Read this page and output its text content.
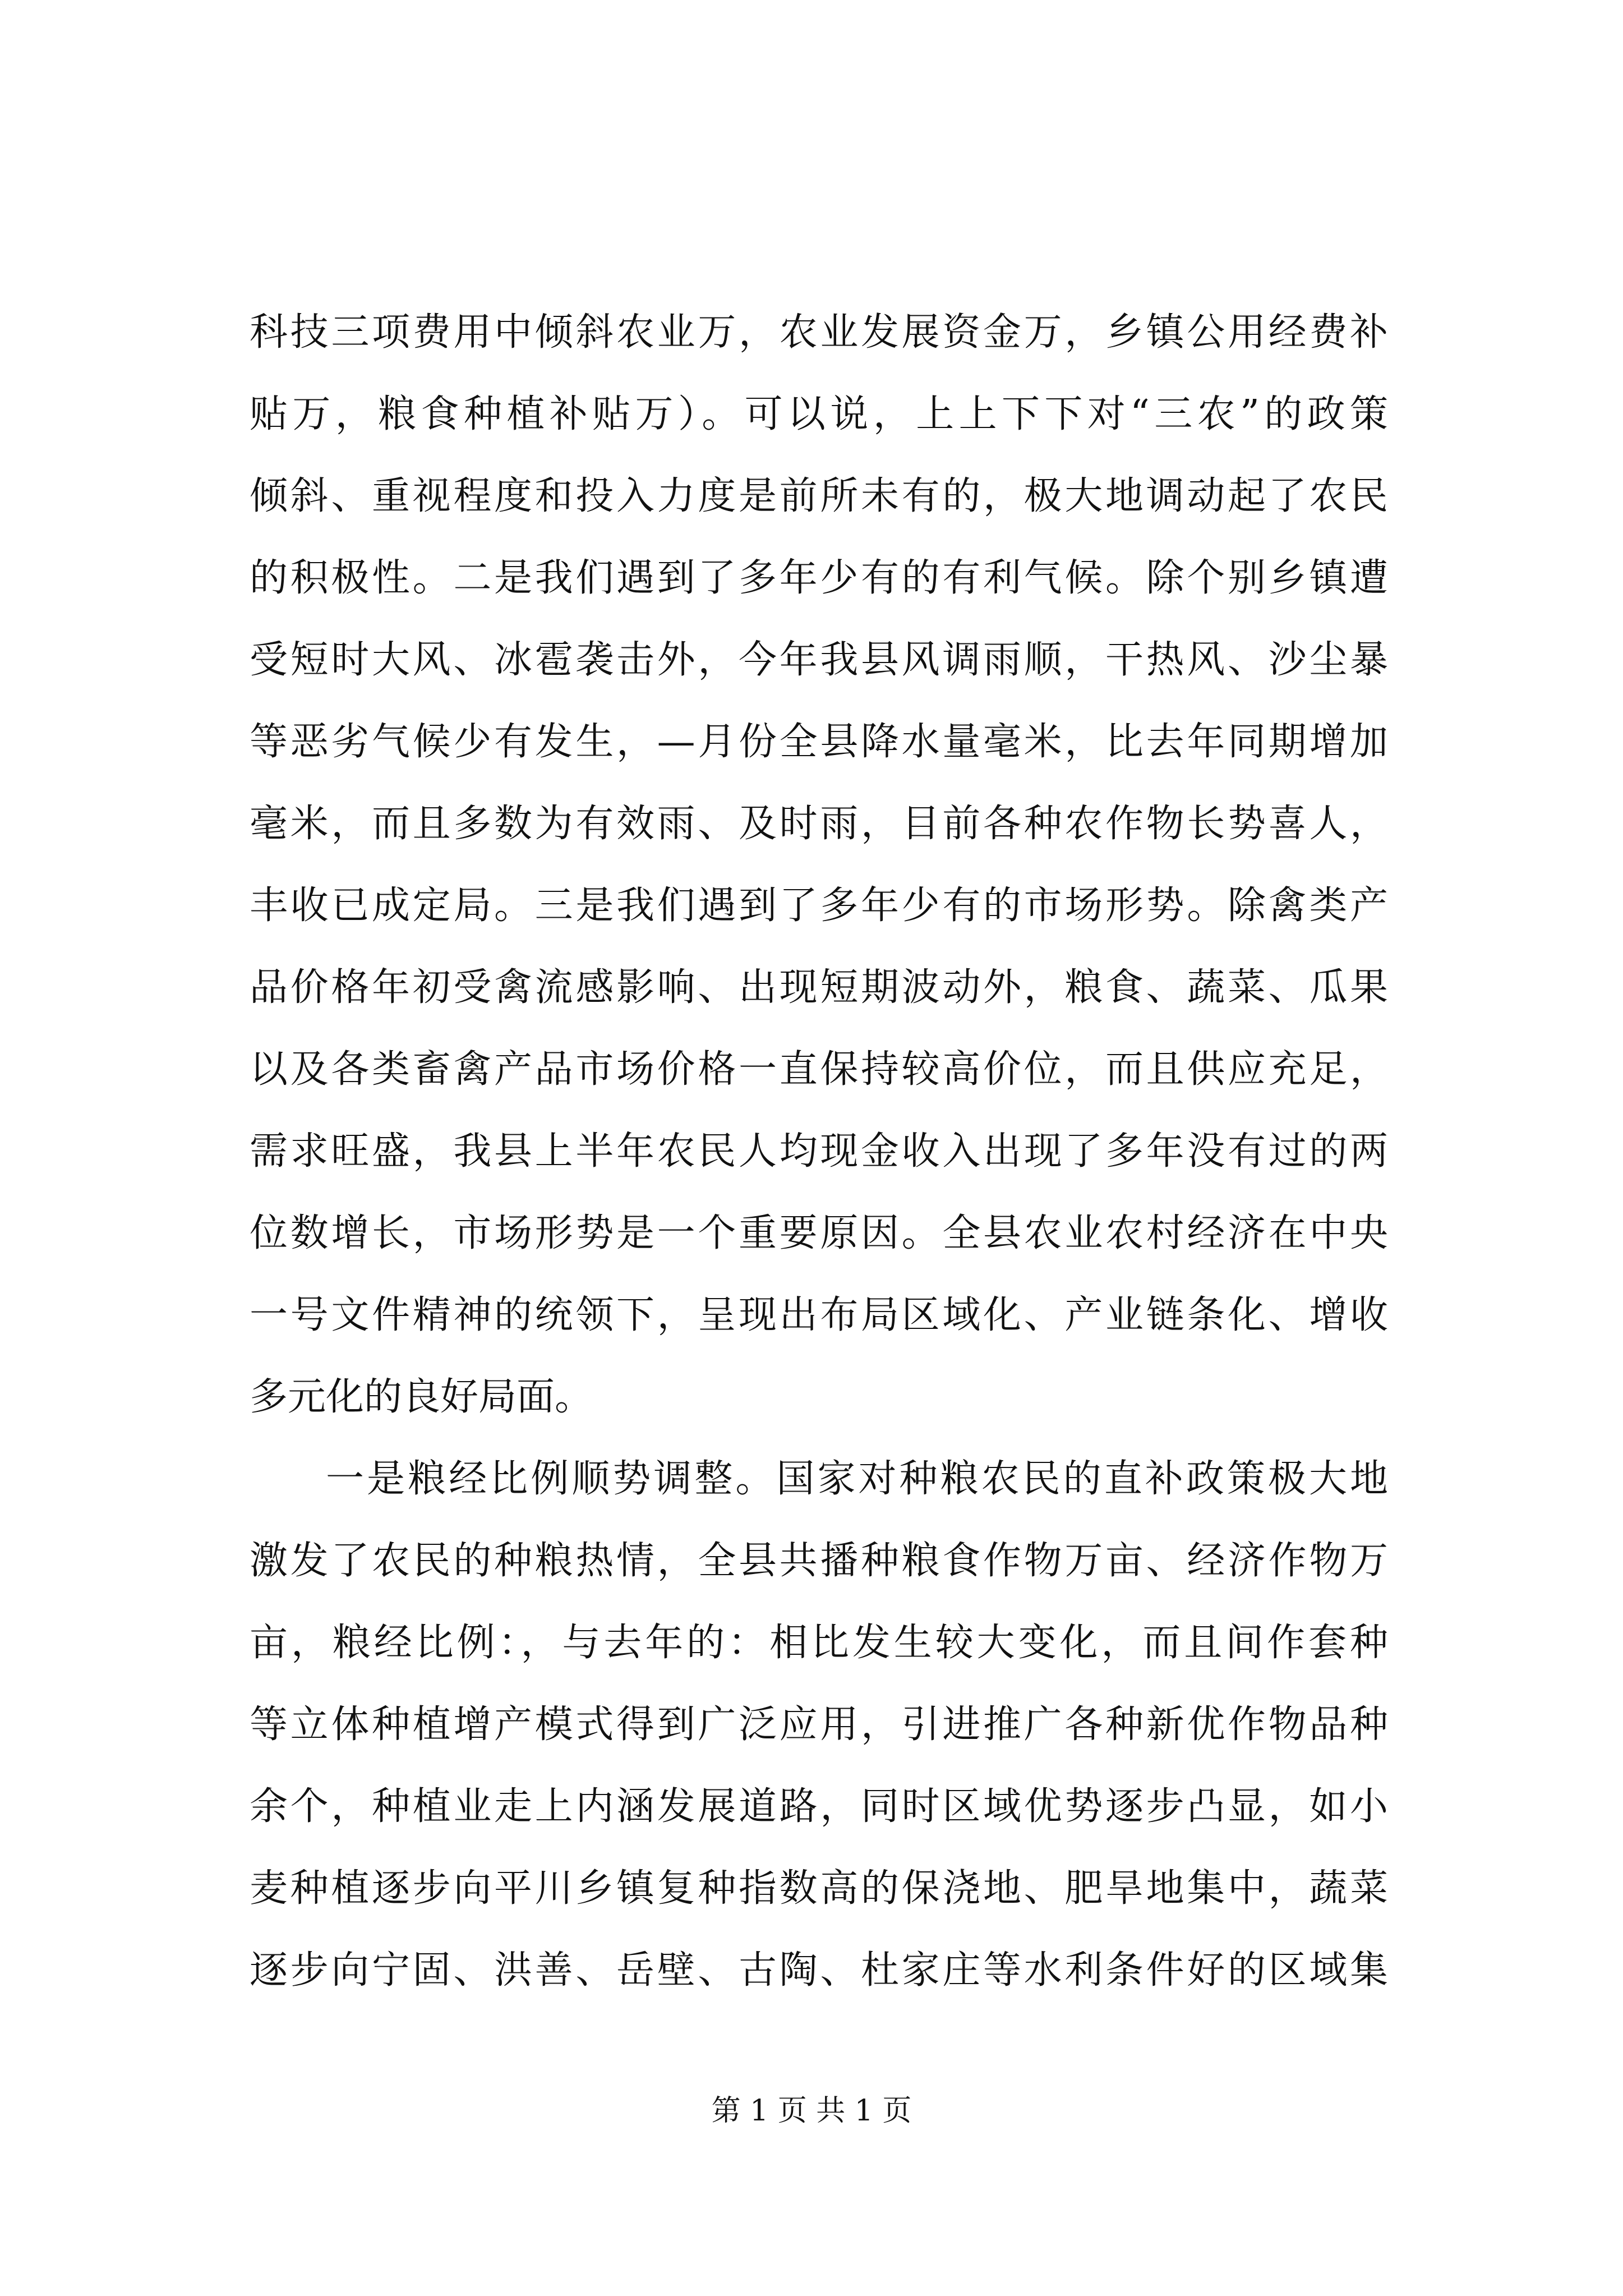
科技三项费用中倾斜农业万，农业发展资金万，乡镇公用经费补
贴万，粮食种植补贴万）。可以说，上上下下对“三农”的政策
倾斜、重视程度和投入力度是前所未有的，极大地调动起了农民
的积极性。二是我们遇到了多年少有的有利气候。除个别乡镇遭
受短时大风、冰雹袭击外，今年我县风调雨顺，干热风、沙尘暴
等恶劣气候少有发生，—月份全县降水量毫米，比去年同期增加
毫米，而且多数为有效雨、及时雨，目前各种农作物长势喜人，
丰收已成定局。三是我们遇到了多年少有的市场形势。除禽类产
品价格年初受禽流感影响、出现短期波动外，粮食、蔬菜、瓜果
以及各类畜禽产品市场价格一直保持较高价位，而且供应充足，
需求旺盛，我县上半年农民人均现金收入出现了多年没有过的两
位数增长，市场形势是一个重要原因。全县农业农村经济在中央
一号文件精神的统领下，呈现出布局区域化、产业链条化、增收
多元化的良好局面。
一是粮经比例顺势调整。国家对种粮农民的直补政策极大地
激发了农民的种粮热情，全县共播种粮食作物万亩、经济作物万
亩，粮经比例：，与去年的：相比发生较大变化，而且间作套种
等立体种植增产模式得到广泛应用，引进推广各种新优作物品种
余个，种植业走上内涵发展道路，同时区域优势逐步凸显，如小
麦种植逐步向平川乡镇复种指数高的保浇地、肥旱地集中，蔬菜
逐步向宁固、洪善、岳壁、古陶、杜家庄等水利条件好的区域集
第 1 页 共 1 页
